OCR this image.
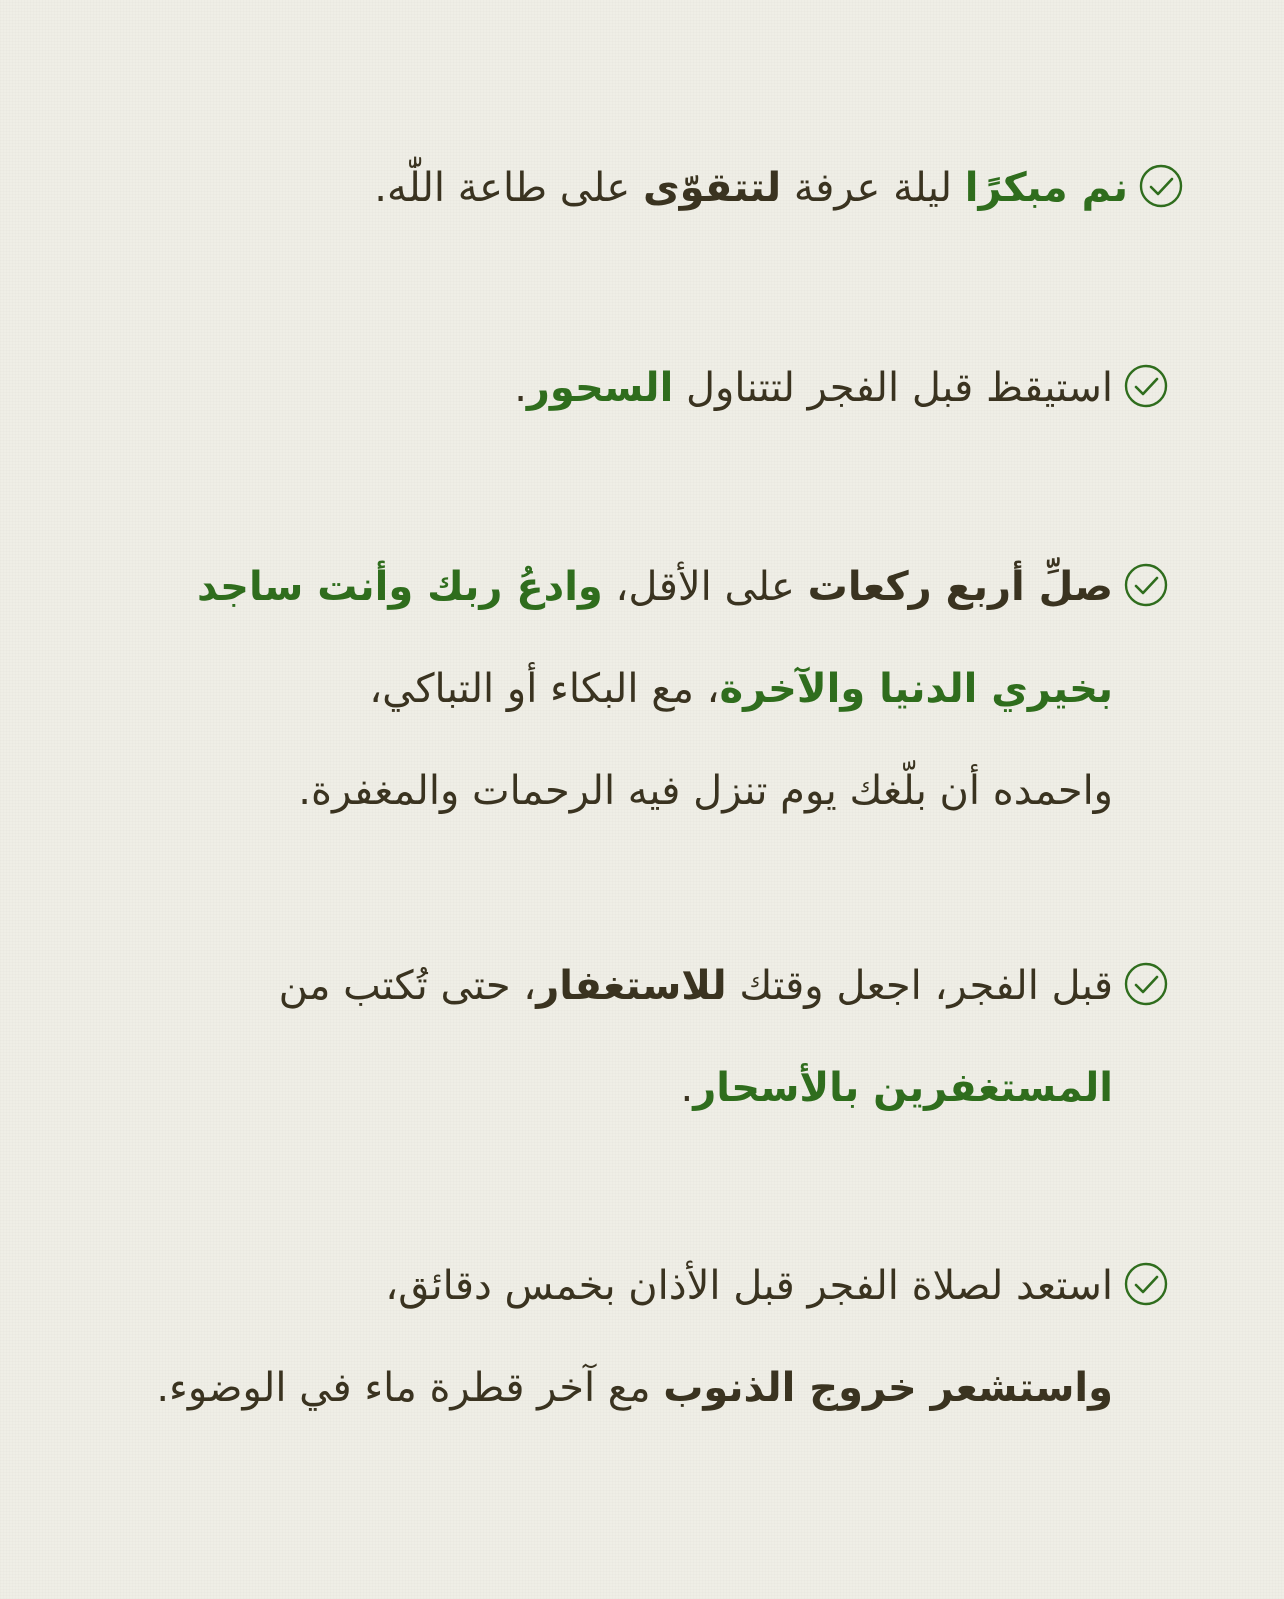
نم مبكرًا ليلة عرفة لتتقوّى على طاعة اللّٰه.
استيقظ قبل الفجر لتتناول السحور.
صلِّ أربع ركعات على الأقل، وادعُ ربك وأنت ساجد
بخيري الدنيا والآخرة، مع البكاء أو التباكي،
واحمده أن بلّغك يوم تنزل فيه الرحمات والمغفرة.
قبل الفجر، اجعل وقتك للاستغفار، حتى تُكتب من
المستغفرين بالأسحار.
استعد لصلاة الفجر قبل الأذان بخمس دقائق،
واستشعر خروج الذنوب مع آخر قطرة ماء في الوضوء.
